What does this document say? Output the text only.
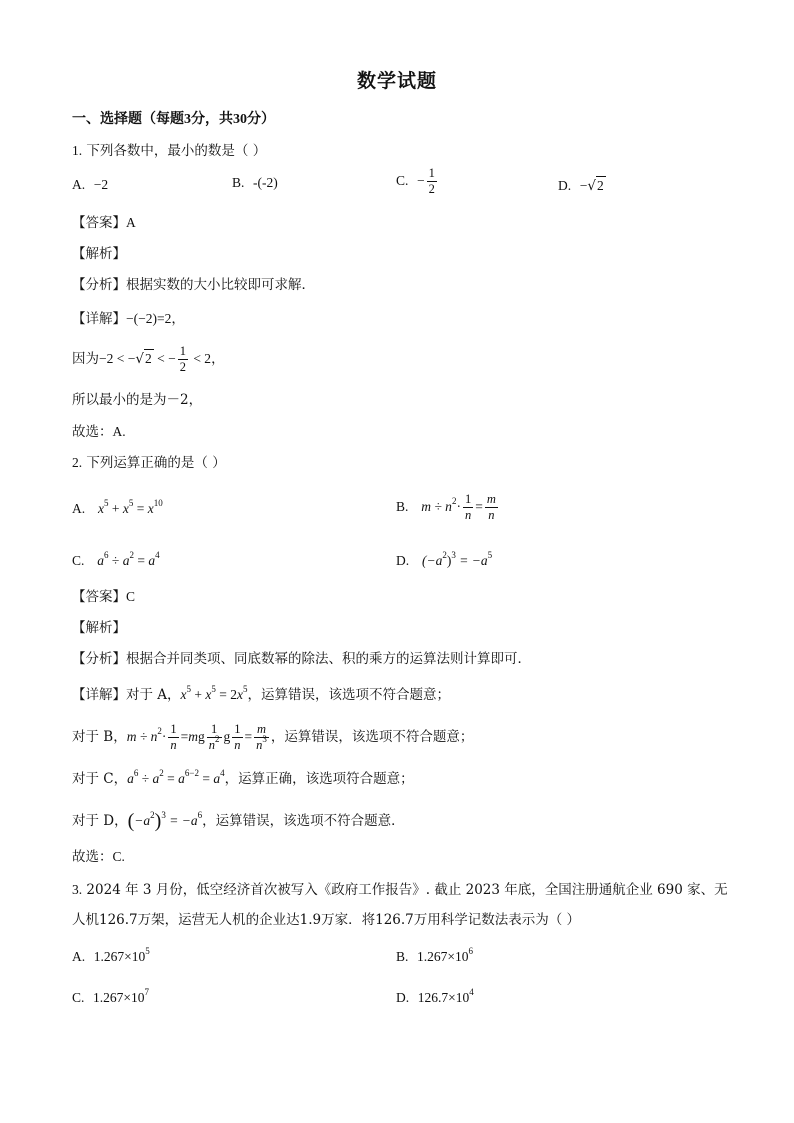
数学试题
一、选择题（每题3分，共30分）
1. 下列各数中，最小的数是（ ）
A. −2	B. -(-2)	C. − $\frac{1}{2}$	D. −√2
【答案】A
【解析】
【分析】根据实数的大小比较即可求解．
【详解】−(−2)=2，
因为−2 < −√2 < − $\frac{1}{2} < 2$，
所以最小的是为－2，
故选：A.
2. 下列运算正确的是（ ）
A. $x^5 + x^5 = x^{10}$	B. $m \div n^2\cdot \frac{1}{n} = \frac{m}{n}$
C. $a^6 \div a^2 = a^4$	D. $(-a^2)^3 = -a^5$
【答案】C
【解析】
【分析】根据合并同类项、同底数幂的除法、积的乘方的运算法则计算即可．
【详解】对于 A，$x^5 + x^5 = 2x^5$，运算错误，该选项不符合题意；
对于 B，$m \div n^2\cdot \frac{1}{n} =mg \frac{1}{n^2}$ g $\frac{1}{n} = \frac{m}{n^3}$ ，运算错误，该选项不符合题意；
对于 C，$a^6 \div a^2 = a^{6-2} = a^4$，运算正确，该选项符合题意；
对于 D，$(-a^2)^3 = -a^6$，运算错误，该选项不符合题意．
故选：C.
3. 2024 年 3 月份，低空经济首次被写入《政府工作报告》. 截止 2023 年底，全国注册通航企业 690 家、无
人机126.7万架，运营无人机的企业达1.9万家．将126.7万用科学记数法表示为（ ）
A. $1.267\times 10^5$	B. $1.267\times 10^6$
C. $1.267\times 10^7$	D. $126.7\times 10^4$
